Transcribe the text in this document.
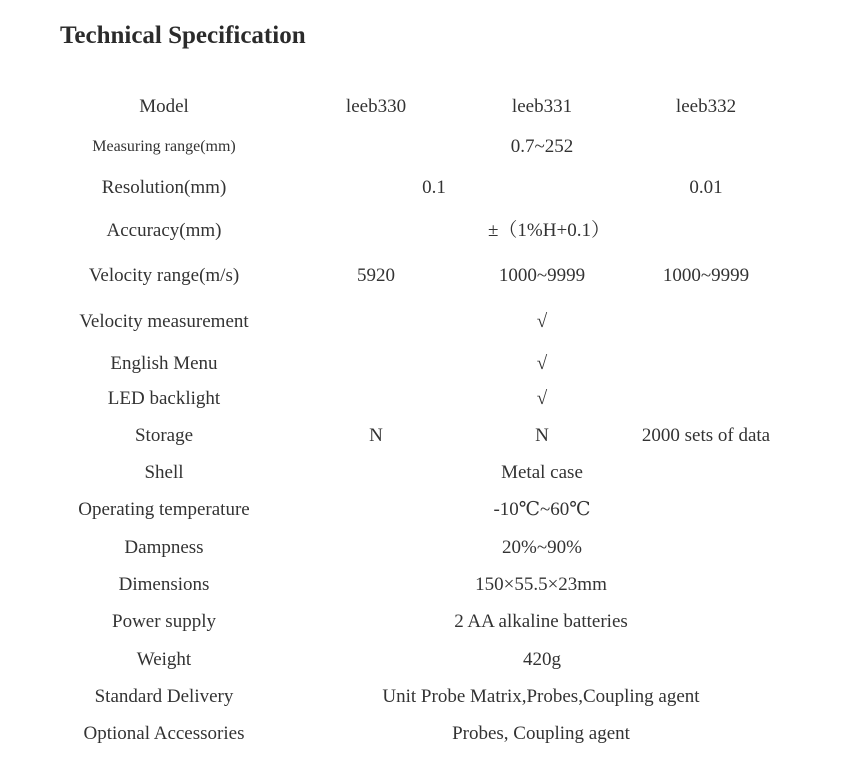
Technical Specification
Model	leeb330	leeb331	leeb332
Measuring range(mm)	0.7~252
Resolution(mm)	0.1	0.01
Accuracy(mm)	±（1%H+0.1）
Velocity range(m/s)	5920	1000~9999	1000~9999
Velocity measurement	√
English Menu	√
LED backlight	√
Storage	N	N	2000 sets of data
Shell	Metal case
Operating temperature	-10℃~60℃
Dampness	20%~90%
Dimensions	150×55.5×23mm
Power supply	2 AA alkaline batteries
Weight	420g
Standard Delivery	Unit Probe Matrix,Probes,Coupling agent
Optional Accessories	Probes, Coupling agent
